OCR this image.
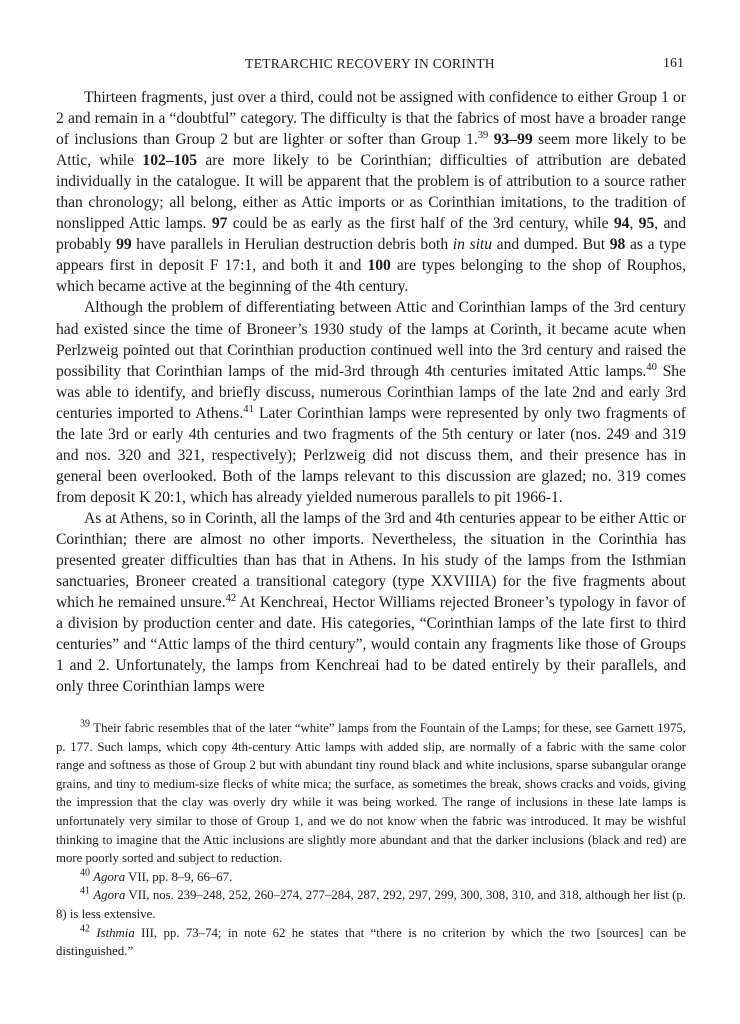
TETRARCHIC RECOVERY IN CORINTH	161

Thirteen fragments, just over a third, could not be assigned with confidence to either Group 1 or 2 and remain in a “doubtful” category. The difficulty is that the fabrics of most have a broader range of inclusions than Group 2 but are lighter or softer than Group 1.39 93–99 seem more likely to be Attic, while 102–105 are more likely to be Corinthian; difficulties of attribution are debated individually in the catalogue. It will be apparent that the problem is of attribution to a source rather than chronology; all belong, either as Attic imports or as Corinthian imitations, to the tradition of nonslipped Attic lamps. 97 could be as early as the first half of the 3rd century, while 94, 95, and probably 99 have parallels in Herulian destruction debris both in situ and dumped. But 98 as a type appears first in deposit F 17:1, and both it and 100 are types belonging to the shop of Rouphos, which became active at the beginning of the 4th century.

Although the problem of differentiating between Attic and Corinthian lamps of the 3rd century had existed since the time of Broneer’s 1930 study of the lamps at Corinth, it became acute when Perlzweig pointed out that Corinthian production continued well into the 3rd century and raised the possibility that Corinthian lamps of the mid-3rd through 4th centuries imitated Attic lamps.$^{40}$ She was able to identify, and briefly discuss, numerous Corinthian lamps of the late 2nd and early 3rd centuries imported to Athens.$^{41}$ Later Corinthian lamps were represented by only two fragments of the late 3rd or early 4th centuries and two fragments of the 5th century or later (nos. 249 and 319 and nos. 320 and 321, respectively); Perlzweig did not discuss them, and their presence has in general been overlooked. Both of the lamps relevant to this discussion are glazed; no. 319 comes from deposit K 20:1, which has already yielded numerous parallels to pit 1966-1.

As at Athens, so in Corinth, all the lamps of the 3rd and 4th centuries appear to be either Attic or Corinthian; there are almost no other imports. Nevertheless, the situation in the Corinthia has presented greater difficulties than has that in Athens. In his study of the lamps from the Isthmian sanctuaries, Broneer created a transitional category (type XXVIIIA) for the five fragments about which he remained unsure.$^{42}$ At Kenchreai, Hector Williams rejected Broneer’s typology in favor of a division by production center and date. His categories, “Corinthian lamps of the late first to third centuries” and “Attic lamps of the third century”, would contain any fragments like those of Groups 1 and 2. Unfortunately, the lamps from Kenchreai had to be dated entirely by their parallels, and only three Corinthian lamps were

$^{39}$ Their fabric resembles that of the later “white” lamps from the Fountain of the Lamps; for these, see Garnett 1975, p. 177. Such lamps, which copy 4th-century Attic lamps with added slip, are normally of a fabric with the same color range and softness as those of Group 2 but with abundant tiny round black and white inclusions, sparse subangular orange grains, and tiny to medium-size flecks of white mica; the surface, as sometimes the break, shows cracks and voids, giving the impression that the clay was overly dry while it was being worked. The range of inclusions in these late lamps is unfortunately very similar to those of Group 1, and we do not know when the fabric was introduced. It may be wishful thinking to imagine that the Attic inclusions are slightly more abundant and that the darker inclusions (black and red) are more poorly sorted and subject to reduction.

$^{40}$ Agora VII, pp. 8–9, 66–67.

$^{41}$ Agora VII, nos. 239–248, 252, 260–274, 277–284, 287, 292, 297, 299, 300, 308, 310, and 318, although her list (p. 8) is less extensive.

$^{42}$ Isthmia III, pp. 73–74; in note 62 he states that “there is no criterion by which the two [sources] can be distinguished.”
